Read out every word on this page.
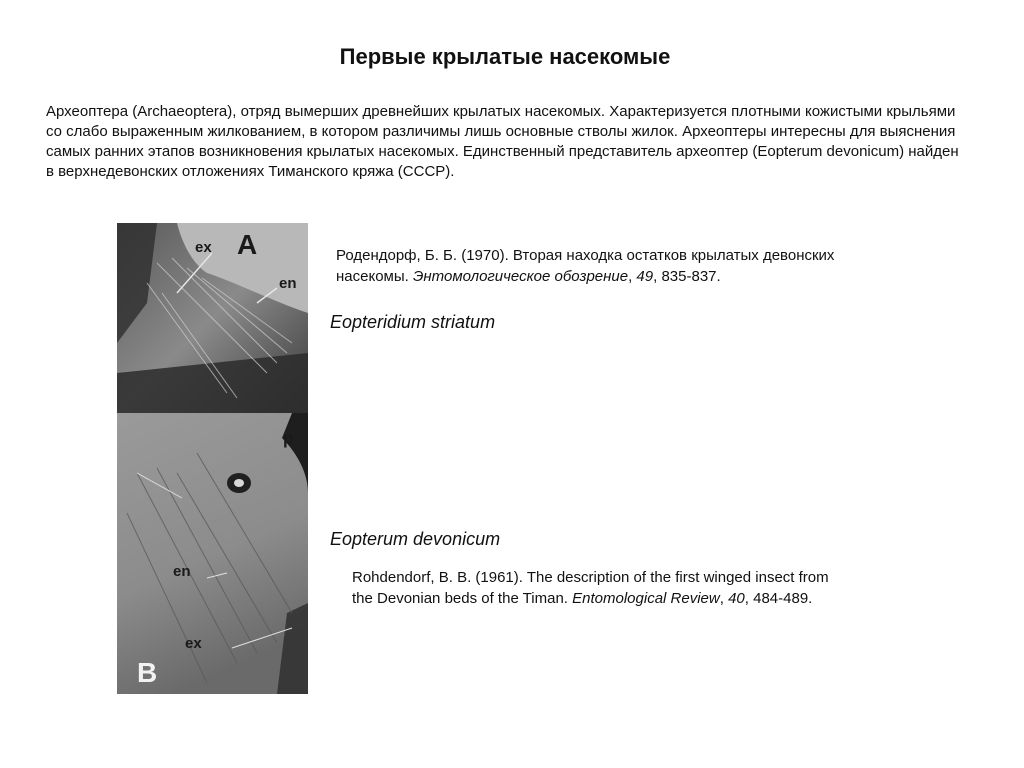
Первые крылатые насекомые

Археоптера (Archaeoptera), отряд вымерших древнейших крылатых насекомых. Характеризуется плотными кожистыми крыльями со слабо выраженным жилкованием, в котором различимы лишь основные стволы жилок. Археоптеры интересны для выяснения самых ранних этапов возникновения крылатых насекомых. Единственный представитель археоптер (Eopterum devonicum) найден в верхнедевонских отложениях Тиманского кряжа (СССР).

A
ex
en
p
en
ex
B

Родендорф, Б. Б. (1970). Вторая находка остатков крылатых девонских насекомы. Энтомологическое обозрение, 49, 835-837.

Eopteridium striatum

Eopterum devonicum

Rohdendorf, B. B. (1961). The description of the first winged insect from the Devonian beds of the Timan. Entomological Review, 40, 484-489.
